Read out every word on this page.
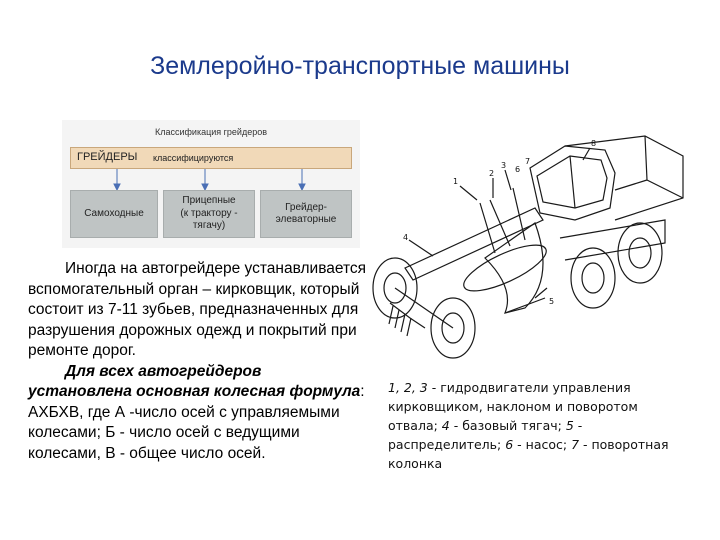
Землеройно-транспортные машины
Классификация грейдеров
ГРЕЙДЕРЫ классифицируются
Самоходные
Прицепные
(к трактору - тягачу)
Грейдер-
элеваторные

Иногда на автогрейдере устанавливается вспомогательный орган – кирковщик, который состоит из 7-11 зубьев, предназначенных для разрушения дорожных одежд и покрытий при ремонте дорог.

Для всех автогрейдеров установлена основная колесная формула: АХБХВ, где А -число осей с управляемыми колесами; Б - число осей с ведущими колесами, В - общее число осей.

1
2
3
4
5
6
7
8
1, 2, 3 - гидродвигатели управления кирковщиком, наклоном и поворотом отвала; 4 - базовый тягач; 5 - распределитель; 6 - насос; 7 - поворотная колонка
